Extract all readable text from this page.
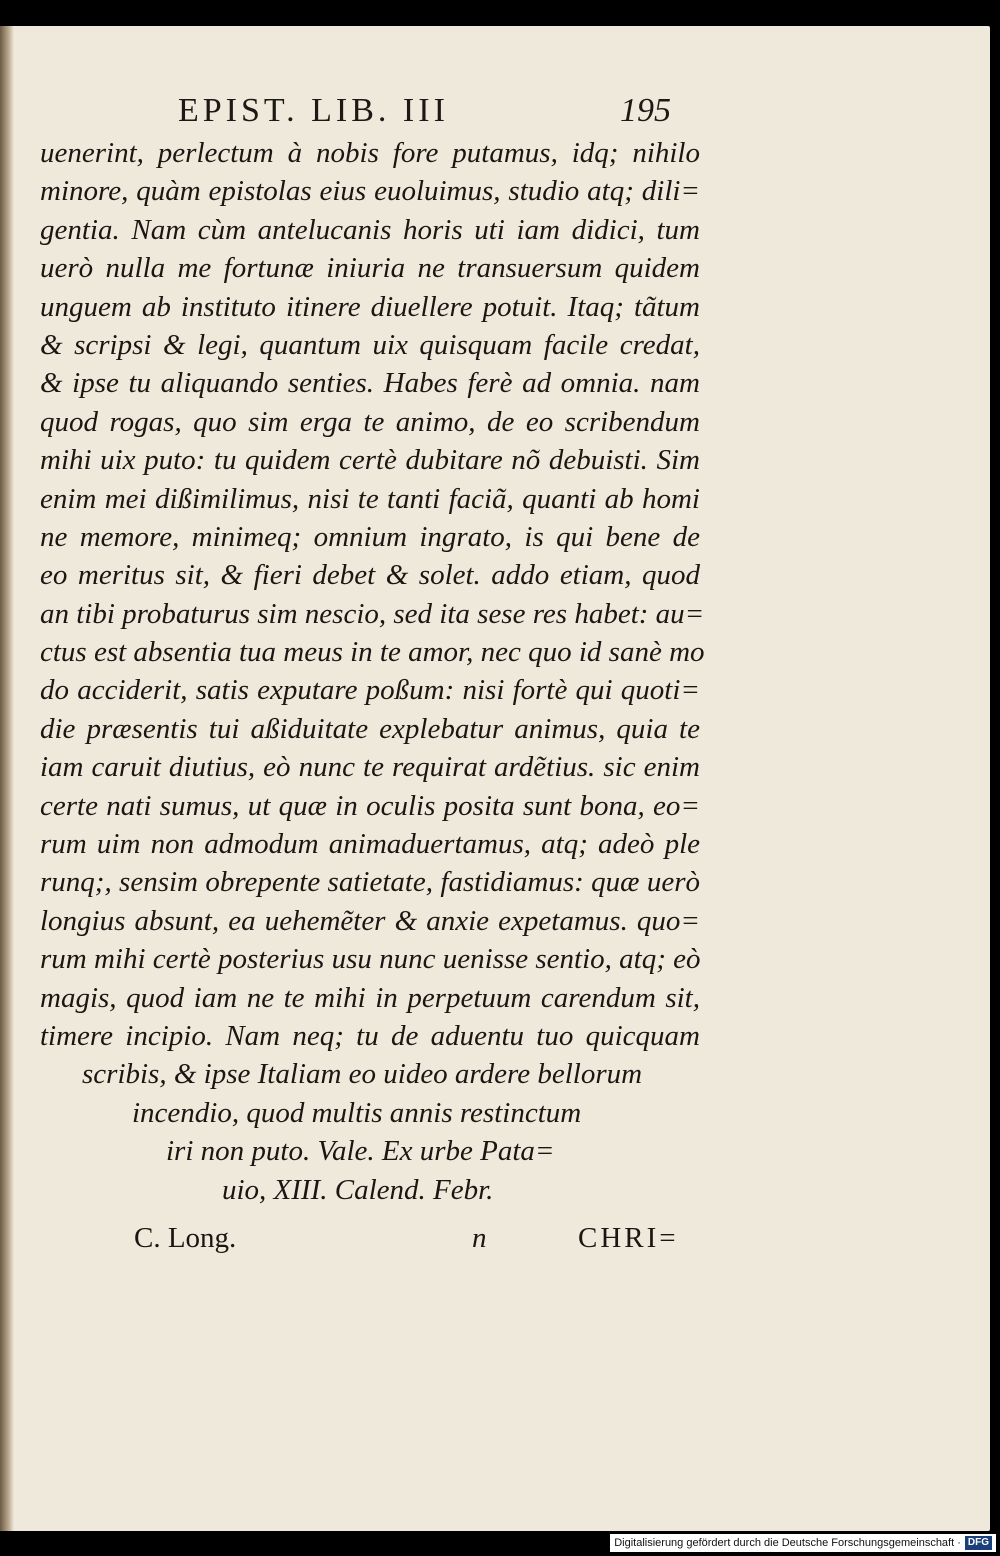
EPIST. LIB. III	195
uenerint, perlectum à nobis fore putamus, idq; nihilo
minore, quàm epistolas eius euoluimus, studio atq; dili=
gentia. Nam cùm antelucanis horis uti iam didici, tum
uerò nulla me fortunæ iniuria ne transuersum quidem
unguem ab instituto itinere diuellere potuit. Itaq; tãtum
& scripsi & legi, quantum uix quisquam facile credat,
& ipse tu aliquando senties. Habes ferè ad omnia. nam
quod rogas, quo sim erga te animo, de eo scribendum
mihi uix puto: tu quidem certè dubitare nõ debuisti. Sim
enim mei dißimilimus, nisi te tanti faciã, quanti ab homi
ne memore, minimeq; omnium ingrato, is qui bene de
eo meritus sit, & fieri debet & solet. addo etiam, quod
an tibi probaturus sim nescio, sed ita sese res habet: au=
ctus est absentia tua meus in te amor, nec quo id sanè mo
do acciderit, satis exputare poßum: nisi fortè qui quoti=
die præsentis tui aßiduitate explebatur animus, quia te
iam caruit diutius, eò nunc te requirat ardẽtius. sic enim
certe nati sumus, ut quæ in oculis posita sunt bona, eo=
rum uim non admodum animaduertamus, atq; adeò ple
runq;, sensim obrepente satietate, fastidiamus: quæ uerò
longius absunt, ea uehemẽter & anxie expetamus. quo=
rum mihi certè posterius usu nunc uenisse sentio, atq; eò
magis, quod iam ne te mihi in perpetuum carendum sit,
timere incipio. Nam neq; tu de aduentu tuo quicquam
scribis, & ipse Italiam eo uideo ardere bellorum
incendio, quod multis annis restinctum
iri non puto. Vale. Ex urbe Pata=
uio, XIII. Calend. Febr.
C. Long.	n	CHRI=
Digitalisierung gefördert durch die Deutsche Forschungsgemeinschaft · DFG
